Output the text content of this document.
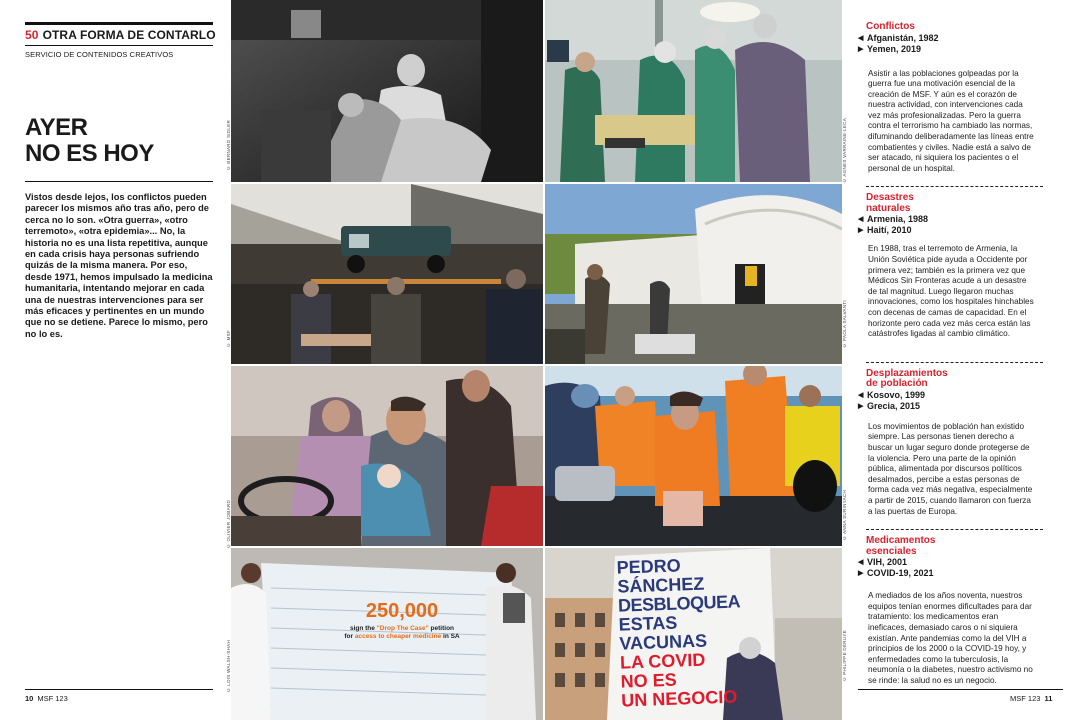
50 OTRA FORMA DE CONTARLO
SERVICIO DE CONTENIDOS CREATIVOS
AYER
NO ES HOY

Vistos desde lejos, los conflictos pueden parecer los mismos año tras año, pero de cerca no lo son. «Otra guerra», «otro terremoto», «otra epidemia»... No, la historia no es una lista repetitiva, aunque en cada crisis haya personas sufriendo quizás de la misma manera. Por eso, desde 1971, hemos impulsado la medicina humanitaria, intentando mejorar en cada una de nuestras intervenciones para ser más eficaces y pertinentes en un mundo que no se detiene. Parece lo mismo, pero no lo es.

© BERNARD SIDLER	© AGNES VARRAINE-LECA
© MSF	© PAOLA SALVANTI
© OLIVIER JOBARD	© ANNA SURINYACH
250,000
sign the "Drop The Case" petition
for access to cheaper medicine in SA
© LOIS WALSH-SHAH
PEDRO
SÁNCHEZ
DESBLOQUEA
ESTAS
VACUNAS
LA COVID
NO ES
UN NEGOCIO
© PHILIPPE DERUYE
Conflictos
◀ Afganistán, 1982
▶ Yemen, 2019

Asistir a las poblaciones golpeadas por la guerra fue una motivación esencial de la creación de MSF. Y aún es el corazón de nuestra actividad, con intervenciones cada vez más profesionalizadas. Pero la guerra contra el terrorismo ha cambiado las normas, difuminando deliberadamente las líneas entre combatientes y civiles. Nadie está a salvo de ser atacado, ni siquiera los pacientes o el personal de un hospital.

Desastres
naturales
◀ Armenia, 1988
▶ Haití, 2010

En 1988, tras el terremoto de Armenia, la Unión Soviética pide ayuda a Occidente por primera vez; también es la primera vez que Médicos Sin Fronteras acude a un desastre de tal magnitud. Luego llegaron muchas innovaciones, como los hospitales hinchables con decenas de camas de capacidad. En el horizonte pero cada vez más cerca están las catástrofes ligadas al cambio climático.

Desplazamientos
de población
◀ Kosovo, 1999
▶ Grecia, 2015

Los movimientos de población han existido siempre. Las personas tienen derecho a buscar un lugar seguro donde protegerse de la violencia. Pero una parte de la opinión pública, alimentada por discursos políticos desalmados, percibe a estas personas de forma cada vez más negativa, especialmente a partir de 2015, cuando llamaron con fuerza a las puertas de Europa.

Medicamentos
esenciales
◀ VIH, 2001
▶ COVID-19, 2021

A mediados de los años noventa, nuestros equipos tenían enormes dificultades para dar tratamiento: los medicamentos eran ineficaces, demasiado caros o ni siquiera existían. Ante pandemias como la del VIH a principios de los 2000 o la COVID-19 hoy, y enfermedades como la tuberculosis, la neumonía o la diabetes, nuestro activismo no se rinde: la salud no es un negocio.

10 MSF 123	MSF 123 11
